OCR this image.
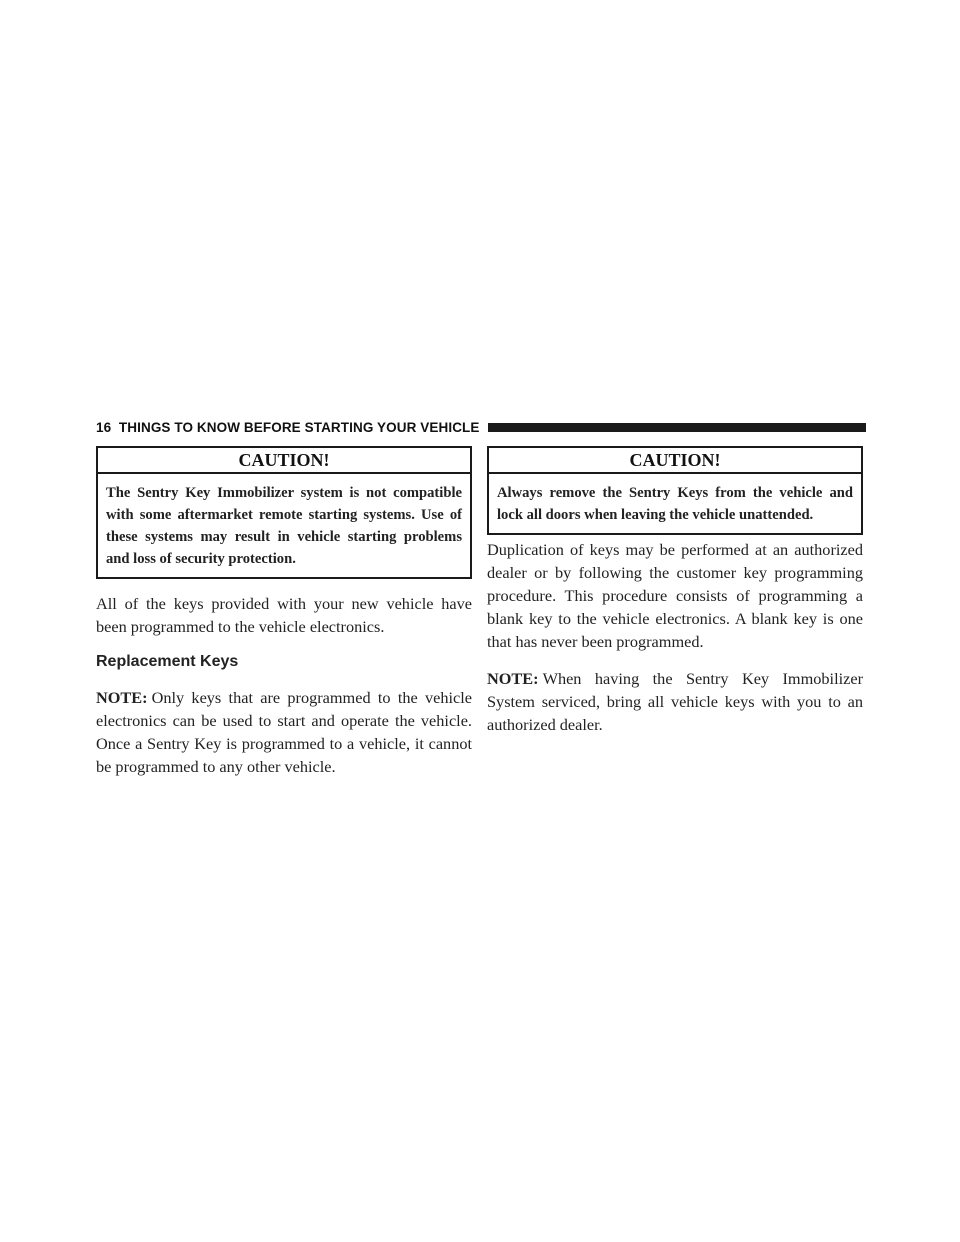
16 THINGS TO KNOW BEFORE STARTING YOUR VEHICLE
CAUTION!
The Sentry Key Immobilizer system is not compatible with some aftermarket remote starting systems. Use of these systems may result in vehicle starting problems and loss of security protection.

All of the keys provided with your new vehicle have been programmed to the vehicle electronics.

Replacement Keys

NOTE: Only keys that are programmed to the vehicle electronics can be used to start and operate the vehicle. Once a Sentry Key is programmed to a vehicle, it cannot be programmed to any other vehicle.

CAUTION!
Always remove the Sentry Keys from the vehicle and lock all doors when leaving the vehicle unattended.

Duplication of keys may be performed at an authorized dealer or by following the customer key programming procedure. This procedure consists of programming a blank key to the vehicle electronics. A blank key is one that has never been programmed.

NOTE: When having the Sentry Key Immobilizer System serviced, bring all vehicle keys with you to an authorized dealer.
